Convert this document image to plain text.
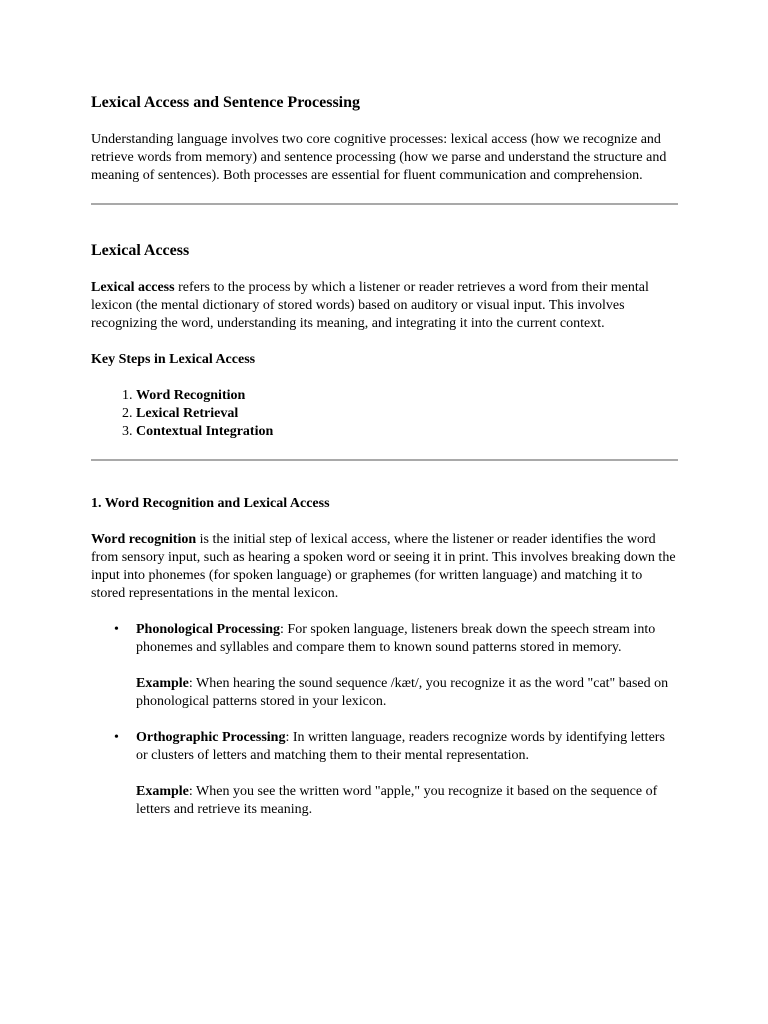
Lexical Access and Sentence Processing

Understanding language involves two core cognitive processes: lexical access (how we recognize and retrieve words from memory) and sentence processing (how we parse and understand the structure and meaning of sentences). Both processes are essential for fluent communication and comprehension.

Lexical Access

Lexical access refers to the process by which a listener or reader retrieves a word from their mental lexicon (the mental dictionary of stored words) based on auditory or visual input. This involves recognizing the word, understanding its meaning, and integrating it into the current context.

Key Steps in Lexical Access

1. Word Recognition
2. Lexical Retrieval
3. Contextual Integration
1. Word Recognition and Lexical Access

Word recognition is the initial step of lexical access, where the listener or reader identifies the word from sensory input, such as hearing a spoken word or seeing it in print. This involves breaking down the input into phonemes (for spoken language) or graphemes (for written language) and matching it to stored representations in the mental lexicon.

• Phonological Processing: For spoken language, listeners break down the speech stream into phonemes and syllables and compare them to known sound patterns stored in memory.

Example: When hearing the sound sequence /kæt/, you recognize it as the word "cat" based on phonological patterns stored in your lexicon.

• Orthographic Processing: In written language, readers recognize words by identifying letters or clusters of letters and matching them to their mental representation.

Example: When you see the written word "apple," you recognize it based on the sequence of letters and retrieve its meaning.
